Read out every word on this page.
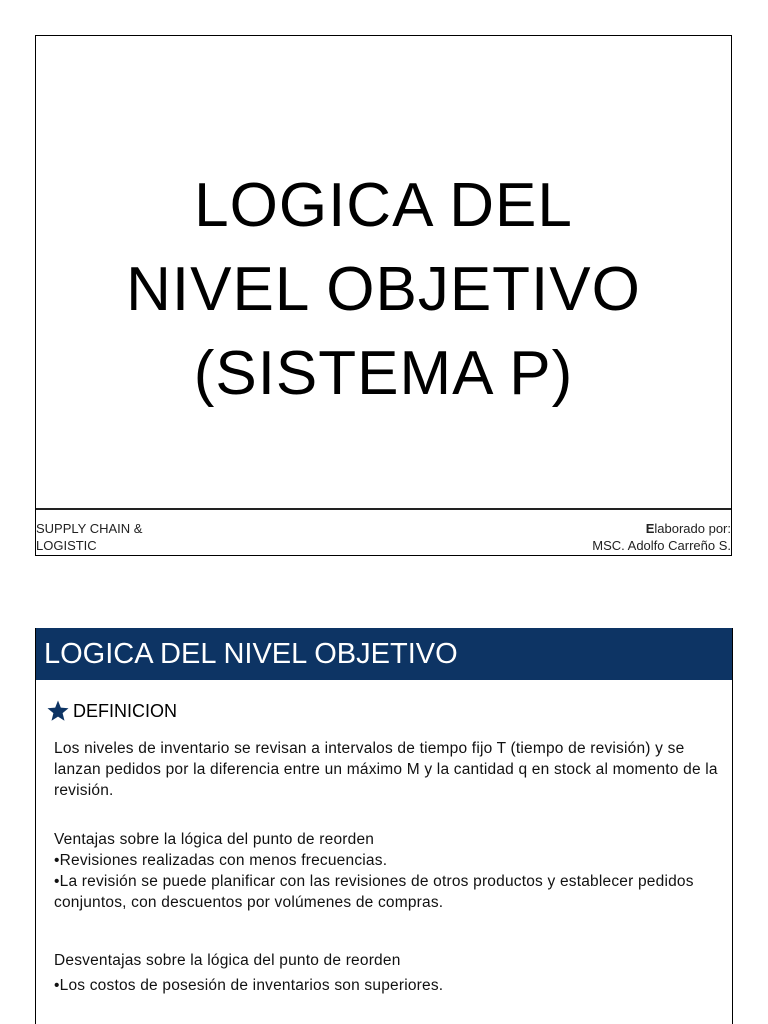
LOGICA DEL
NIVEL OBJETIVO
(SISTEMA P)
SUPPLY CHAIN &
LOGISTIC
Elaborado por:
MSC. Adolfo Carreño S.
LOGICA DEL NIVEL OBJETIVO
DEFINICION
Los niveles de inventario se revisan a intervalos de tiempo fijo T (tiempo de revisión) y se lanzan pedidos por la diferencia entre un máximo M y la cantidad q en stock al momento de la revisión.
Ventajas sobre la lógica del punto de reorden
•Revisiones realizadas con menos frecuencias.
•La revisión se puede planificar con las revisiones de otros productos y establecer pedidos conjuntos, con descuentos por volúmenes de compras.
Desventajas sobre la lógica del punto de reorden
•Los costos de posesión de inventarios son superiores.
